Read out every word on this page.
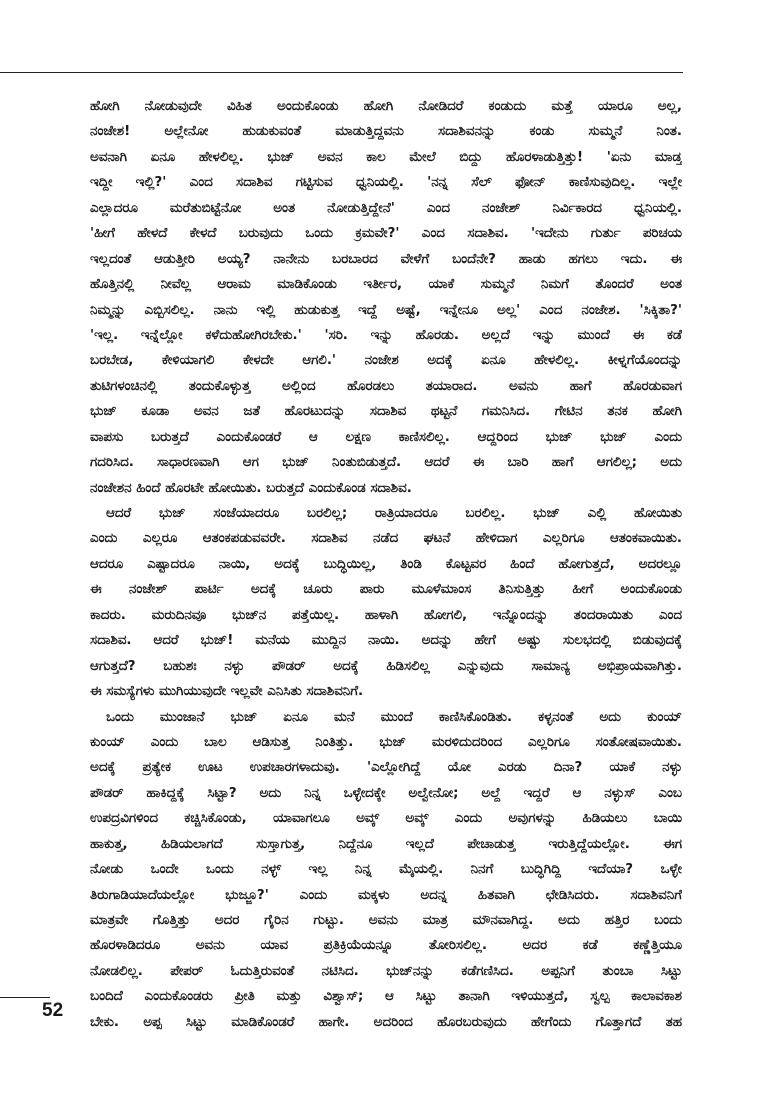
ಹೋಗಿ ನೋಡುವುದೇ ವಿಹಿತ ಅಂದುಕೊಂಡು ಹೋಗಿ ನೋಡಿದರೆ ಕಂಡುದು ಮತ್ತೆ ಯಾರೂ ಅಲ್ಲ,
ನಂಜೇಶ! ಅಲ್ಲೇನೋ ಹುಡುಕುವಂತೆ ಮಾಡುತ್ತಿದ್ದವನು ಸದಾಶಿವನನ್ನು ಕಂಡು ಸುಮ್ಮನೆ ನಿಂತ.
ಅವನಾಗಿ ಏನೂ ಹೇಳಲಿಲ್ಲ. ಭುಜ್ ಅವನ ಕಾಲ ಮೇಲೆ ಬಿದ್ದು ಹೊರಳಾಡುತ್ತಿತ್ತು! 'ಏನು ಮಾಡ್ತ
ಇದ್ದೀ ಇಲ್ಲಿ?' ಎಂದ ಸದಾಶಿವ ಗಟ್ಟಿಸುವ ಧ್ವನಿಯಲ್ಲಿ. 'ನನ್ನ ಸೆಲ್ ಫೋನ್ ಕಾಣಿಸುವುದಿಲ್ಲ. ಇಲ್ಲೇ
ಎಲ್ಲಾದರೂ ಮರೆತುಬಿಟ್ಟೆನೋ ಅಂತ ನೋಡುತ್ತಿದ್ದೇನೆ' ಎಂದ ನಂಜೇಶ್ ನಿರ್ವಿಕಾರದ ಧ್ವನಿಯಲ್ಲಿ.
'ಹೀಗೆ ಹೇಳದೆ ಕೇಳದೆ ಬರುವುದು ಒಂದು ಕ್ರಮವೇ?' ಎಂದ ಸದಾಶಿವ. 'ಇದೇನು ಗುರ್ತು ಪರಿಚಯ
ಇಲ್ಲದಂತೆ ಆಡುತ್ತೀರಿ ಅಯ್ಯ? ನಾನೇನು ಬರಬಾರದ ವೇಳೆಗೆ ಬಂದೆನೇ? ಹಾಡು ಹಗಲು ಇದು. ಈ
ಹೊತ್ತಿನಲ್ಲಿ ನೀವೆಲ್ಲ ಆರಾಮ ಮಾಡಿಕೊಂಡು ಇರ್ತೀರ, ಯಾಕೆ ಸುಮ್ಮನೆ ನಿಮಗೆ ತೊಂದರೆ ಅಂತ
ನಿಮ್ಮನ್ನು ಎಬ್ಬಿಸಲಿಲ್ಲ. ನಾನು ಇಲ್ಲಿ ಹುಡುಕುತ್ತ ಇದ್ದೆ ಅಷ್ಟೆ, ಇನ್ನೇನೂ ಅಲ್ಲ' ಎಂದ ನಂಜೇಶ. 'ಸಿಕ್ಕಿತಾ?'
'ಇಲ್ಲ. ಇನ್ನೆಲ್ಲೋ ಕಳೆದುಹೋಗಿರಬೇಕು.' 'ಸರಿ. ಇನ್ನು ಹೊರಡು. ಅಲ್ಲದೆ ಇನ್ನು ಮುಂದೆ ಈ ಕಡೆ
ಬರಬೇಡ, ಕೇಳಿಯಾಗಲಿ ಕೇಳದೇ ಆಗಲಿ.' ನಂಜೇಶ ಅದಕ್ಕೆ ಏನೂ ಹೇಳಲಿಲ್ಲ. ಕೀಳ್ನಗೆಯೊಂದನ್ನು
ತುಟಿಗಳಂಚಿನಲ್ಲಿ ತಂದುಕೊಳ್ಳುತ್ತ ಅಲ್ಲಿಂದ ಹೊರಡಲು ತಯಾರಾದ. ಅವನು ಹಾಗೆ ಹೊರಡುವಾಗ
ಭುಜ್ ಕೂಡಾ ಅವನ ಜತೆ ಹೊರಟುದನ್ನು ಸದಾಶಿವ ಥಟ್ಟನೆ ಗಮನಿಸಿದ. ಗೇಟಿನ ತನಕ ಹೋಗಿ
ವಾಪಸು ಬರುತ್ತದೆ ಎಂದುಕೊಂಡರೆ ಆ ಲಕ್ಷಣ ಕಾಣಿಸಲಿಲ್ಲ. ಆದ್ದರಿಂದ ಭುಜ್ ಭುಜ್ ಎಂದು
ಗದರಿಸಿದ. ಸಾಧಾರಣವಾಗಿ ಆಗ ಭುಜ್ ನಿಂತುಬಿಡುತ್ತದೆ. ಆದರೆ ಈ ಬಾರಿ ಹಾಗೆ ಆಗಲಿಲ್ಲ; ಅದು
ನಂಜೇಶನ ಹಿಂದೆ ಹೊರಟೇ ಹೋಯಿತು. ಬರುತ್ತದೆ ಎಂದುಕೊಂಡ ಸದಾಶಿವ.
ಆದರೆ ಭುಜ್ ಸಂಜೆಯಾದರೂ ಬರಲಿಲ್ಲ; ರಾತ್ರಿಯಾದರೂ ಬರಲಿಲ್ಲ. ಭುಜ್ ಎಲ್ಲಿ ಹೋಯಿತು
ಎಂದು ಎಲ್ಲರೂ ಆತಂಕಪಡುವವರೇ. ಸದಾಶಿವ ನಡೆದ ಘಟನೆ ಹೇಳಿದಾಗ ಎಲ್ಲರಿಗೂ ಆತಂಕವಾಯಿತು.
ಆದರೂ ಎಷ್ಟಾದರೂ ನಾಯಿ, ಅದಕ್ಕೆ ಬುದ್ಧಿಯಿಲ್ಲ, ತಿಂಡಿ ಕೊಟ್ಟವರ ಹಿಂದೆ ಹೋಗುತ್ತದೆ, ಅದರಲ್ಲೂ
ಈ ನಂಜೇಶ್ ಪಾರ್ಟಿ ಅದಕ್ಕೆ ಚೂರು ಪಾರು ಮೂಳೆಮಾಂಸ ತಿನಿಸುತ್ತಿತ್ತು ಹೀಗೆ ಅಂದುಕೊಂಡು
ಕಾದರು. ಮರುದಿನವೂ ಭುಜ್‌ನ ಪತ್ತೆಯಿಲ್ಲ. ಹಾಳಾಗಿ ಹೋಗಲಿ, ಇನ್ನೊಂದನ್ನು ತಂದರಾಯಿತು ಎಂದ
ಸದಾಶಿವ. ಆದರೆ ಭುಜ್! ಮನೆಯ ಮುದ್ದಿನ ನಾಯಿ. ಅದನ್ನು ಹೇಗೆ ಅಷ್ಟು ಸುಲಭದಲ್ಲಿ ಬಿಡುವುದಕ್ಕೆ
ಆಗುತ್ತದೆ? ಬಹುಶಃ ನಳ್ಳು ಪೌಡರ್ ಅದಕ್ಕೆ ಹಿಡಿಸಲಿಲ್ಲ ಎನ್ನುವುದು ಸಾಮಾನ್ಯ ಅಭಿಪ್ರಾಯವಾಗಿತ್ತು.
ಈ ಸಮಸ್ಯೆಗಳು ಮುಗಿಯುವುದೇ ಇಲ್ಲವೇ ಎನಿಸಿತು ಸದಾಶಿವನಿಗೆ.
ಒಂದು ಮುಂಜಾನೆ ಭುಜ್ ಏನೂ ಮನೆ ಮುಂದೆ ಕಾಣಿಸಿಕೊಂಡಿತು. ಕಳ್ಳನಂತೆ ಅದು ಕುಂಯ್
ಕುಂಯ್ ಎಂದು ಬಾಲ ಆಡಿಸುತ್ತ ನಿಂತಿತ್ತು. ಭುಜ್ ಮರಳಿದುದರಿಂದ ಎಲ್ಲರಿಗೂ ಸಂತೋಷವಾಯಿತು.
ಅದಕ್ಕೆ ಪ್ರತ್ಯೇಕ ಊಟ ಉಪಚಾರಗಳಾದುವು. 'ಎಲ್ಲೋಗಿದ್ದೆ ಯೋ ಎರಡು ದಿನಾ? ಯಾಕೆ ನಳ್ಳು
ಪೌಡರ್ ಹಾಕಿದ್ದಕ್ಕೆ ಸಿಟ್ಟಾ? ಅದು ನಿನ್ನ ಒಳ್ಳೇದಕ್ಕೇ ಅಲ್ವೇನೋ; ಅಲ್ದೆ ಇದ್ದರೆ ಆ ನಳ್ಳುಸ್ ಎಂಬ
ಉಪದ್ರವಿಗಳಿಂದ ಕಚ್ಚಿಸಿಕೊಂಡು, ಯಾವಾಗಲೂ ಅವ್ಕ್ ಅವ್ಕ್ ಎಂದು ಅವುಗಳನ್ನು ಹಿಡಿಯಲು ಬಾಯಿ
ಹಾಕುತ್ತ, ಹಿಡಿಯಲಾಗದೆ ಸುಸ್ತಾಗುತ್ತ, ನಿದ್ದೆನೂ ಇಲ್ಲದೆ ಪೇಚಾಡುತ್ತ ಇರುತ್ತಿದ್ದೆಯಲ್ಲೋ. ಈಗ
ನೋಡು ಒಂದೇ ಒಂದು ನಳ್ಳ್ ಇಲ್ಲ ನಿನ್ನ ಮೈಯಲ್ಲಿ. ನಿನಗೆ ಬುದ್ಧಿಗಿದ್ದಿ ಇದೆಯಾ? ಒಳ್ಳೇ
ತಿರುಗಾಡಿಯಾದೆಯಲ್ಲೋ ಭುಜ್ಜೂ?' ಎಂದು ಮಕ್ಕಳು ಅದನ್ನ ಹಿತವಾಗಿ ಛೇಡಿಸಿದರು. ಸದಾಶಿವನಿಗೆ
ಮಾತ್ರವೇ ಗೊತ್ತಿತ್ತು ಅದರ ಗೈರಿನ ಗುಟ್ಟು. ಅವನು ಮಾತ್ರ ಮೌನವಾಗಿದ್ದ. ಅದು ಹತ್ತಿರ ಬಂದು
ಹೊರಳಾಡಿದರೂ ಅವನು ಯಾವ ಪ್ರತಿಕ್ರಿಯೆಯನ್ನೂ ತೋರಿಸಲಿಲ್ಲ. ಅದರ ಕಡೆ ಕಣ್ಣೆತ್ತಿಯೂ
ನೋಡಲಿಲ್ಲ. ಪೇಪರ್ ಓದುತ್ತಿರುವಂತೆ ನಟಿಸಿದ. ಭುಜ್‌ನನ್ನು ಕಡೆಗಣಿಸಿದ. ಅಪ್ಪನಿಗೆ ತುಂಬಾ ಸಿಟ್ಟು
ಬಂದಿದೆ ಎಂದುಕೊಂಡರು ಪ್ರೀತಿ ಮತ್ತು ವಿಶ್ವಾಸ್; ಆ ಸಿಟ್ಟು ತಾನಾಗಿ ಇಳಿಯುತ್ತದೆ, ಸ್ವಲ್ಪ ಕಾಲಾವಕಾಶ
ಬೇಕು. ಅಪ್ಪ ಸಿಟ್ಟು ಮಾಡಿಕೊಂಡರೆ ಹಾಗೇ. ಅದರಿಂದ ಹೊರಬರುವುದು ಹೇಗೆಂದು ಗೊತ್ತಾಗದೆ ತಹ
52
